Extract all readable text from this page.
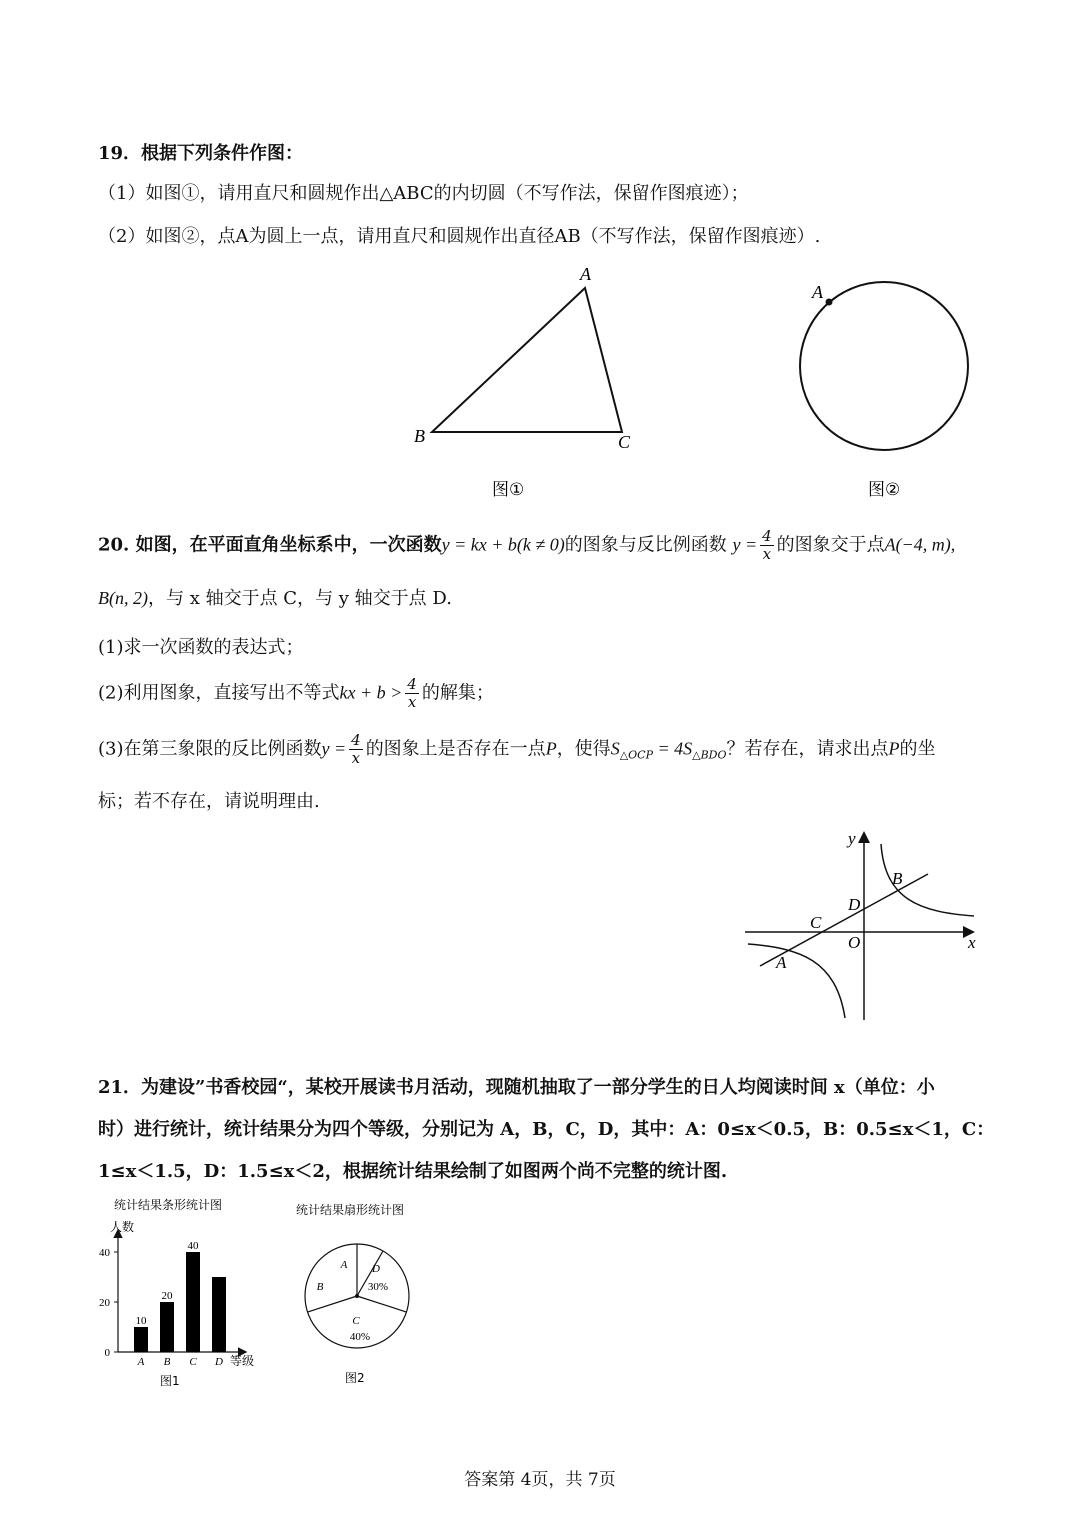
19．根据下列条件作图：
（1）如图①，请用直尺和圆规作出△ABC的内切圆（不写作法，保留作图痕迹）；
（2）如图②，点A为圆上一点，请用直尺和圆规作出直径AB（不写作法，保留作图痕迹）.
A
B	C
图①
A
图②
20. 如图，在平面直角坐标系中，一次函数y = kx + b(k ≠ 0)的图象与反比例函数 $y = \frac{4}{x}$ 的图象交于点A(−4, m),
B(n, 2)，与 x 轴交于点 C，与 y 轴交于点 D.
(1)求一次函数的表达式；
(2)利用图象，直接写出不等式kx + $b > \frac{4}{x}$ 的解集；
(3)在第三象限的反比例函数$y = \frac{4}{x}$ 的图象上是否存在一点P，使得$S_{\triangle OCP} = 4S_{\triangle BDO}$？若存在，请求出点P的坐
标；若不存在，请说明理由.
y
x
O
A
B
C
D
21．为建设”书香校园“，某校开展读书月活动，现随机抽取了一部分学生的日人均阅读时间 x（单位：小
时）进行统计，统计结果分为四个等级，分别记为 A，B，C，D，其中：A：0≤x＜0.5，B：0.5≤x＜1，C：
1≤x＜1.5，D：1.5≤x＜2，根据统计结果绘制了如图两个尚不完整的统计图.
统计结果条形统计图
人数
等级
图1
0
20
40
10
A
20
B
40
C D
统计结果扇形统计图
A
B
C
40%
D
30%
图2
答案第 4页，共 7页
